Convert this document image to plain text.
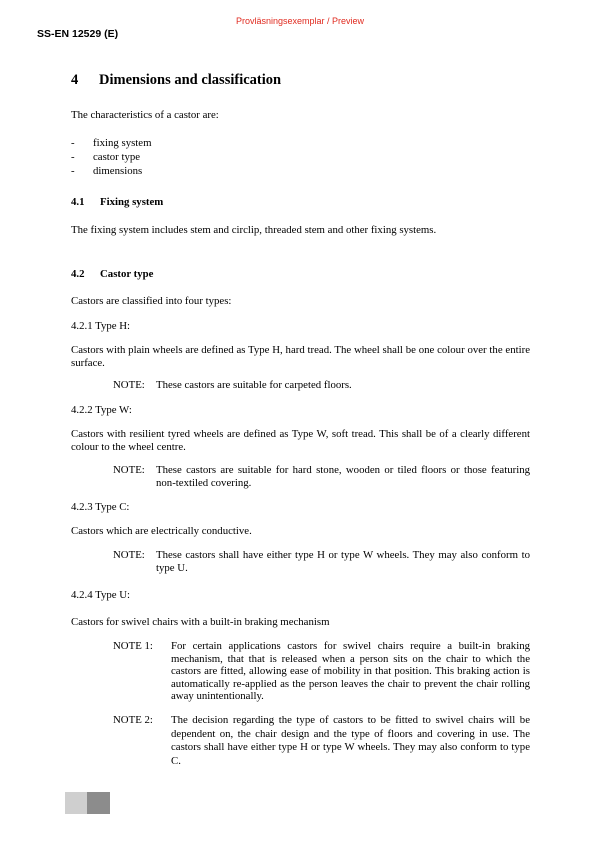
Provläsningsexemplar / Preview
SS-EN 12529 (E)
4 Dimensions and classification
The characteristics of a castor are:
- fixing system
- castor type
- dimensions
4.1 Fixing system
The fixing system includes stem and circlip, threaded stem and other fixing systems.
4.2 Castor type
Castors are classified into four types:
4.2.1 Type H:
Castors with plain wheels are defined as Type H, hard tread. The wheel shall be one colour over the entire surface.
NOTE:	These castors are suitable for carpeted floors.
4.2.2 Type W:
Castors with resilient tyred wheels are defined as Type W, soft tread. This shall be of a clearly different colour to the wheel centre.
NOTE:	These castors are suitable for hard stone, wooden or tiled floors or those featuring non-textiled covering.
4.2.3 Type C:
Castors which are electrically conductive.
NOTE:	These castors shall have either type H or type W wheels. They may also conform to type U.
4.2.4 Type U:
Castors for swivel chairs with a built-in braking mechanism
NOTE 1:	For certain applications castors for swivel chairs require a built-in braking mechanism, that that is released when a person sits on the chair to which the castors are fitted, allowing ease of mobility in that position. This braking action is automatically re-applied as the person leaves the chair to prevent the chair rolling away unintentionally.
NOTE 2:	The decision regarding the type of castors to be fitted to swivel chairs will be dependent on, the chair design and the type of floors and covering in use. The castors shall have either type H or type W wheels. They may also conform to type C.
